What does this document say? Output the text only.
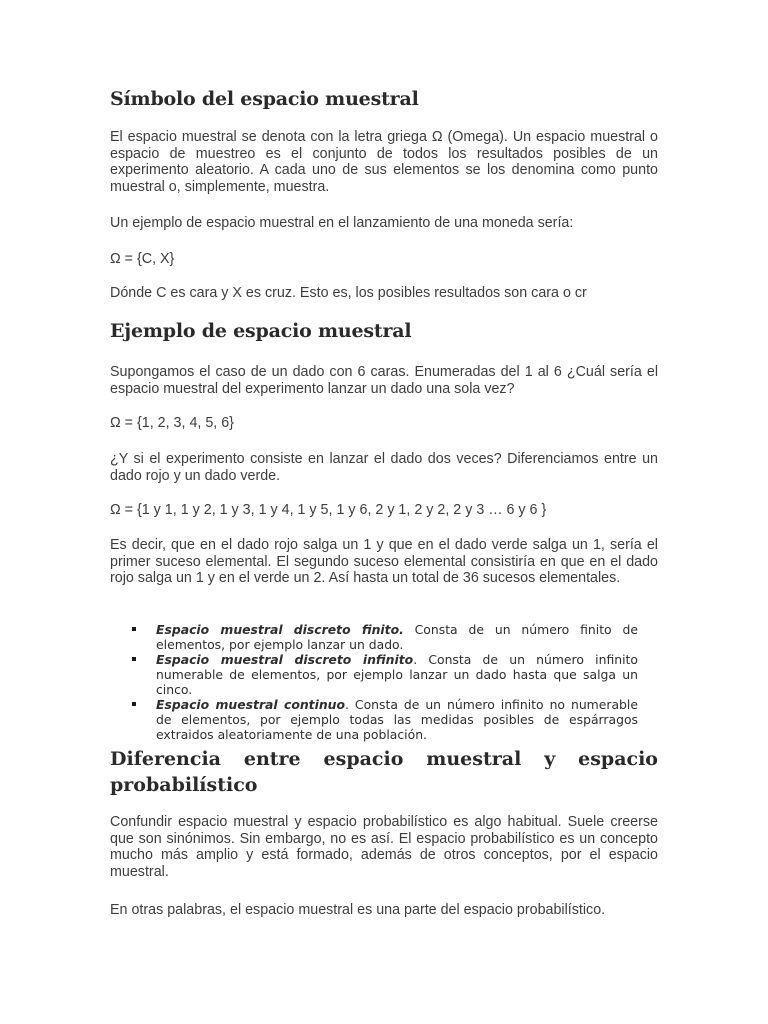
Símbolo del espacio muestral

El espacio muestral se denota con la letra griega Ω (Omega). Un espacio muestral o espacio de muestreo es el conjunto de todos los resultados posibles de un experimento aleatorio. A cada uno de sus elementos se los denomina como punto muestral o, simplemente, muestra.

Un ejemplo de espacio muestral en el lanzamiento de una moneda sería:

Ω = {C, X}

Dónde C es cara y X es cruz. Esto es, los posibles resultados son cara o cr

Ejemplo de espacio muestral

Supongamos el caso de un dado con 6 caras. Enumeradas del 1 al 6 ¿Cuál sería el espacio muestral del experimento lanzar un dado una sola vez?

Ω = {1, 2, 3, 4, 5, 6}

¿Y si el experimento consiste en lanzar el dado dos veces? Diferenciamos entre un dado rojo y un dado verde.

Ω = {1 y 1, 1 y 2, 1 y 3, 1 y 4, 1 y 5, 1 y 6, 2 y 1, 2 y 2, 2 y 3 … 6 y 6 }

Es decir, que en el dado rojo salga un 1 y que en el dado verde salga un 1, sería el primer suceso elemental. El segundo suceso elemental consistiría en que en el dado rojo salga un 1 y en el verde un 2. Así hasta un total de 36 sucesos elementales.

Espacio muestral discreto finito. Consta de un número finito de elementos, por ejemplo lanzar un dado.
Espacio muestral discreto infinito. Consta de un número infinito numerable de elementos, por ejemplo lanzar un dado hasta que salga un cinco.
Espacio muestral continuo. Consta de un número infinito no numerable de elementos, por ejemplo todas las medidas posibles de espárragos extraidos aleatoriamente de una población.
Diferencia entre espacio muestral y espacio
probabilístico

Confundir espacio muestral y espacio probabilístico es algo habitual. Suele creerse que son sinónimos. Sin embargo, no es así. El espacio probabilístico es un concepto mucho más amplio y está formado, además de otros conceptos, por el espacio muestral.

En otras palabras, el espacio muestral es una parte del espacio probabilístico.
